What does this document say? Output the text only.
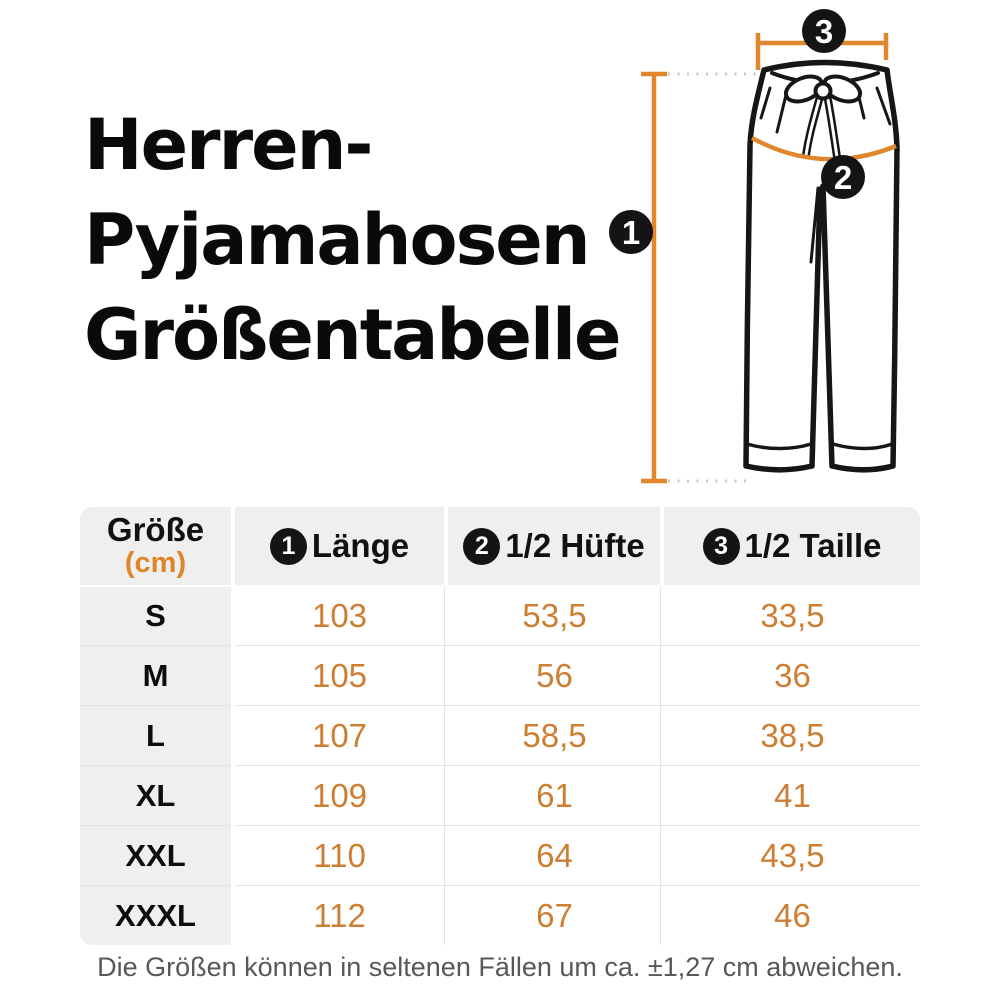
Herren-
Pyjamahosen
Größentabelle
1
2
3
Größe
(cm)
1 Länge	2 1/2 Hüfte	3 1/2 Taille
S	103	53,5	33,5
M	105	56	36
L	107	58,5	38,5
XL	109	61	41
XXL	110	64	43,5
XXXL	112	67	46
Die Größen können in seltenen Fällen um ca. ±1,27 cm abweichen.
